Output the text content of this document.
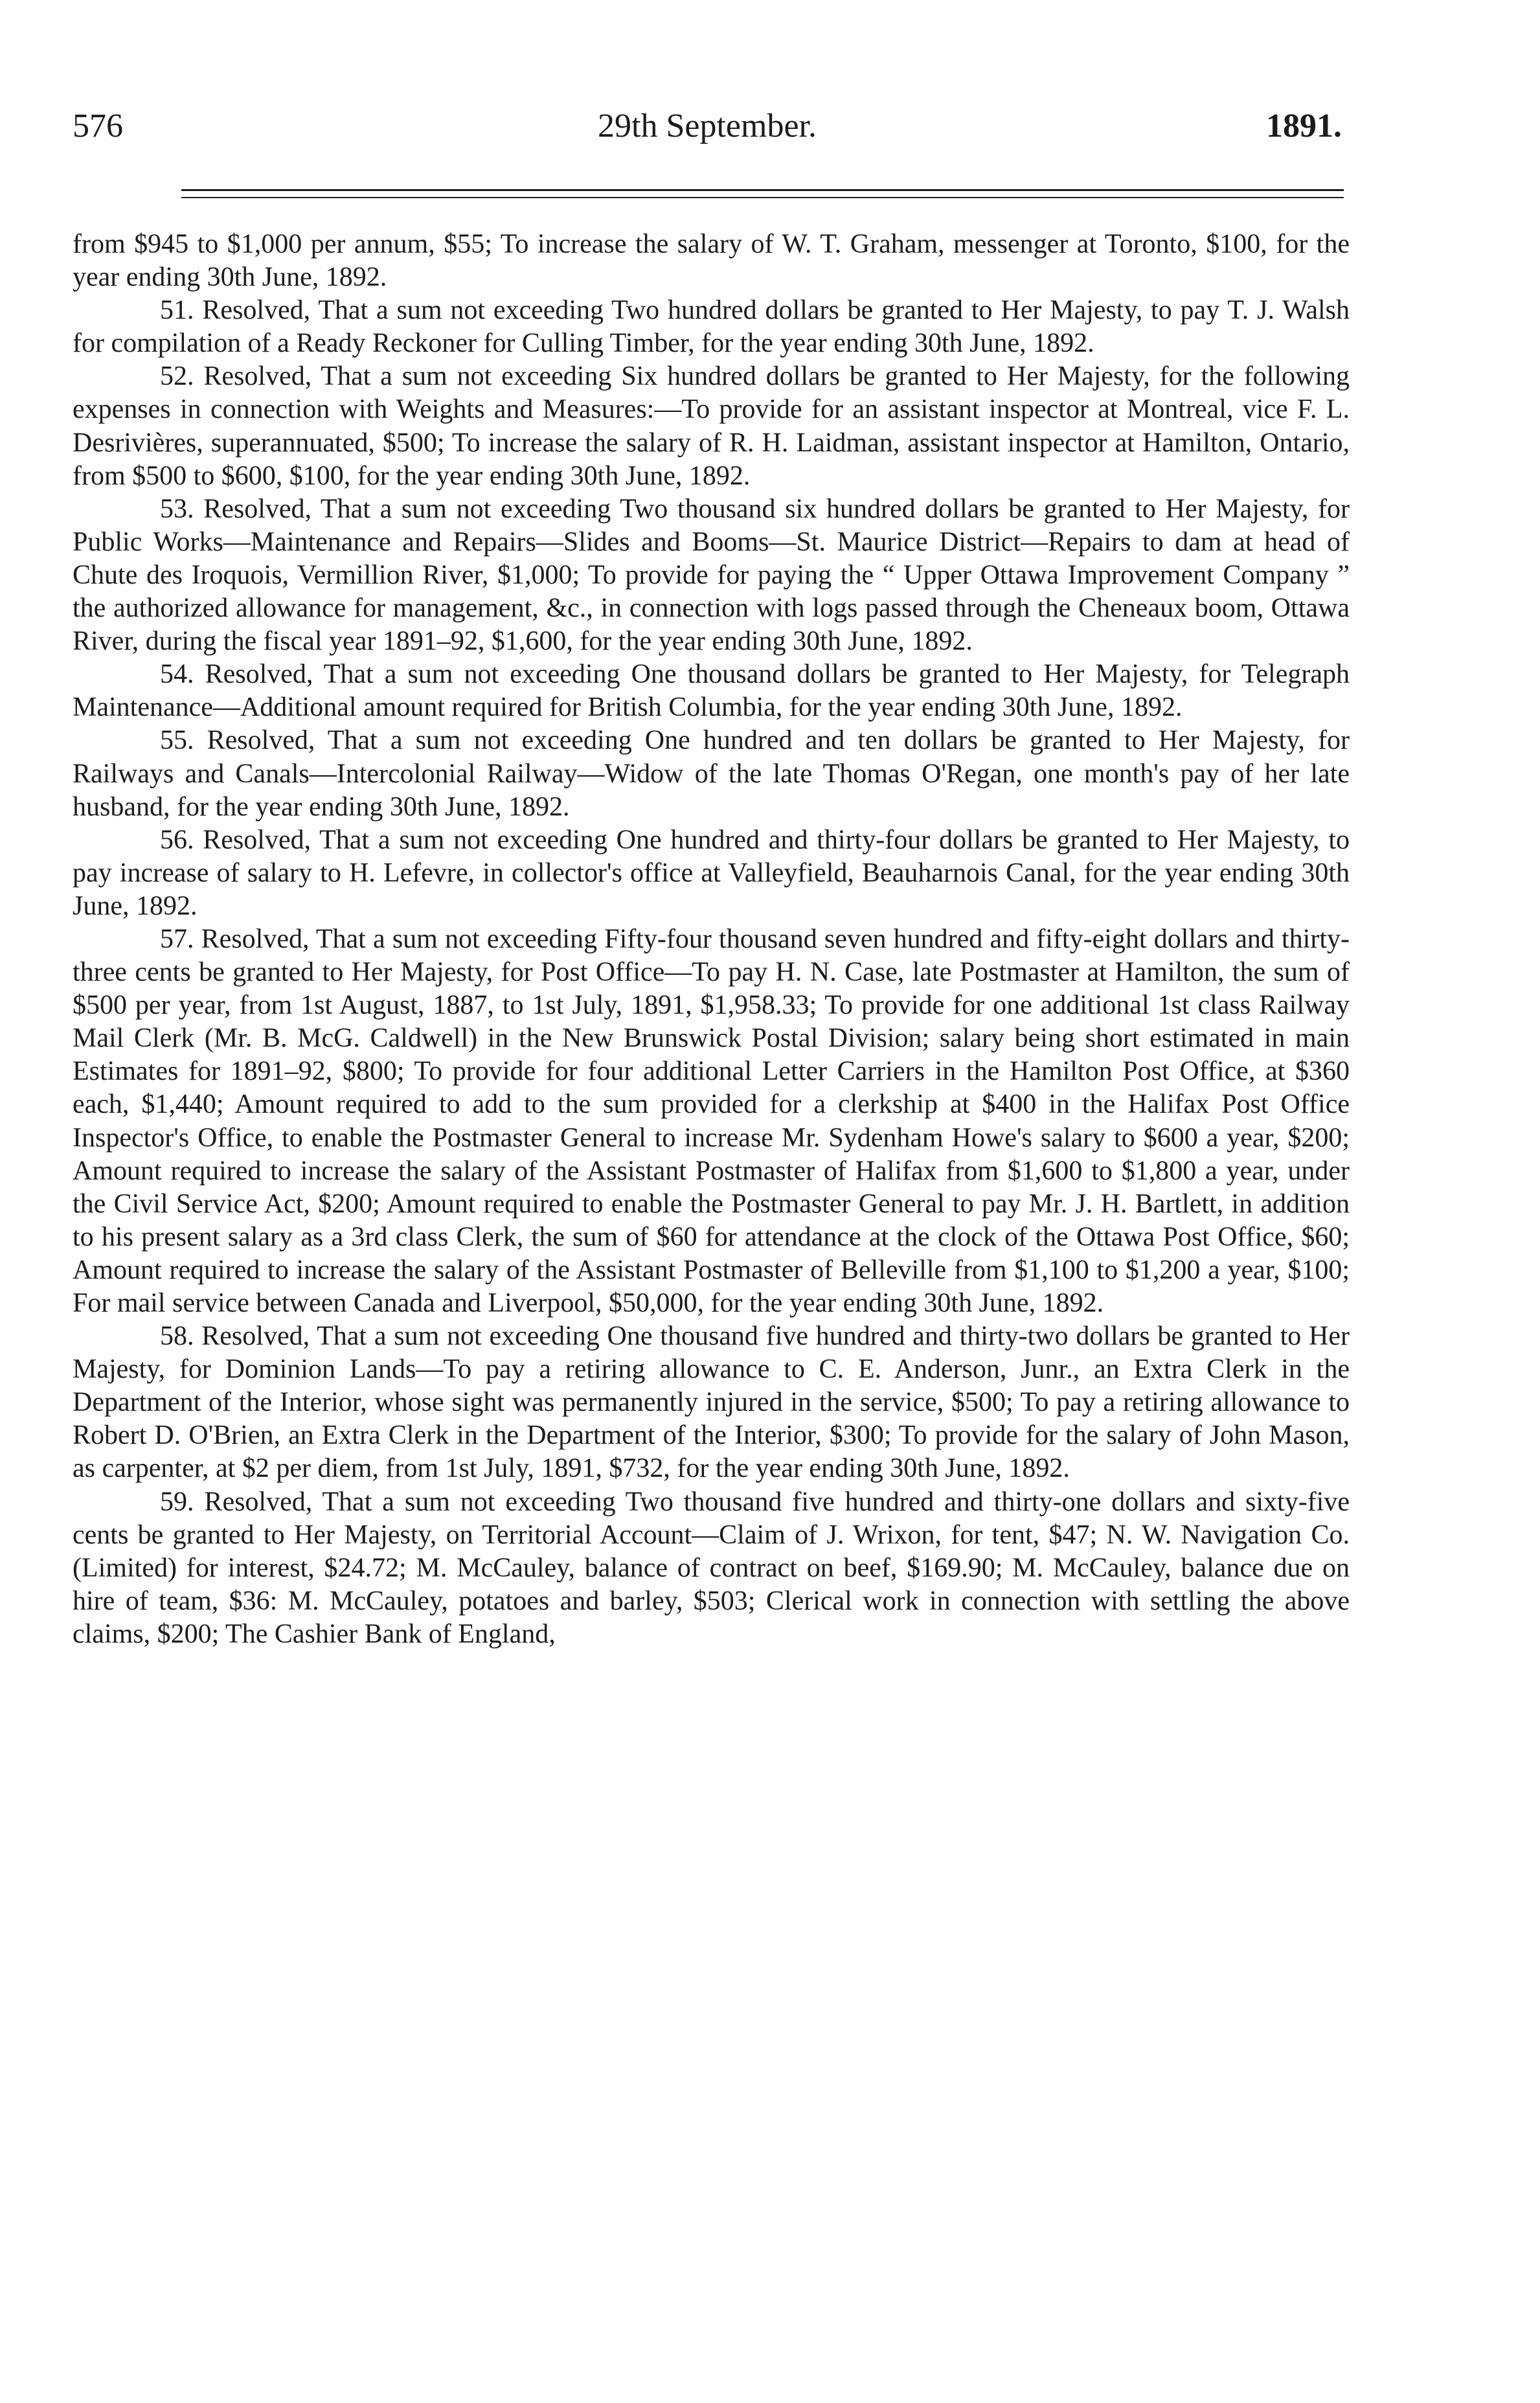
576	29th September.	1891.

from $945 to $1,000 per annum, $55; To increase the salary of W. T. Graham, messenger at Toronto, $100, for the year ending 30th June, 1892.

51. Resolved, That a sum not exceeding Two hundred dollars be granted to Her Majesty, to pay T. J. Walsh for compilation of a Ready Reckoner for Culling Timber, for the year ending 30th June, 1892.

52. Resolved, That a sum not exceeding Six hundred dollars be granted to Her Majesty, for the following expenses in connection with Weights and Measures:—To provide for an assistant inspector at Montreal, vice F. L. Desrivières, superannuated, $500; To increase the salary of R. H. Laidman, assistant inspector at Hamilton, Ontario, from $500 to $600, $100, for the year ending 30th June, 1892.

53. Resolved, That a sum not exceeding Two thousand six hundred dollars be granted to Her Majesty, for Public Works—Maintenance and Repairs—Slides and Booms—St. Maurice District—Repairs to dam at head of Chute des Iroquois, Vermillion River, $1,000; To provide for paying the “ Upper Ottawa Improvement Company ” the authorized allowance for management, &c., in connection with logs passed through the Cheneaux boom, Ottawa River, during the fiscal year 1891–92, $1,600, for the year ending 30th June, 1892.

54. Resolved, That a sum not exceeding One thousand dollars be granted to Her Majesty, for Telegraph Maintenance—Additional amount required for British Columbia, for the year ending 30th June, 1892.

55. Resolved, That a sum not exceeding One hundred and ten dollars be granted to Her Majesty, for Railways and Canals—Intercolonial Railway—Widow of the late Thomas O'Regan, one month's pay of her late husband, for the year ending 30th June, 1892.

56. Resolved, That a sum not exceeding One hundred and thirty-four dollars be granted to Her Majesty, to pay increase of salary to H. Lefevre, in collector's office at Valleyfield, Beauharnois Canal, for the year ending 30th June, 1892.

57. Resolved, That a sum not exceeding Fifty-four thousand seven hundred and fifty-eight dollars and thirty-three cents be granted to Her Majesty, for Post Office—To pay H. N. Case, late Postmaster at Hamilton, the sum of $500 per year, from 1st August, 1887, to 1st July, 1891, $1,958.33; To provide for one additional 1st class Railway Mail Clerk (Mr. B. McG. Caldwell) in the New Brunswick Postal Division; salary being short estimated in main Estimates for 1891–92, $800; To provide for four additional Letter Carriers in the Hamilton Post Office, at $360 each, $1,440; Amount required to add to the sum provided for a clerkship at $400 in the Halifax Post Office Inspector's Office, to enable the Postmaster General to increase Mr. Sydenham Howe's salary to $600 a year, $200; Amount required to increase the salary of the Assistant Postmaster of Halifax from $1,600 to $1,800 a year, under the Civil Service Act, $200; Amount required to enable the Postmaster General to pay Mr. J. H. Bartlett, in addition to his present salary as a 3rd class Clerk, the sum of $60 for attendance at the clock of the Ottawa Post Office, $60; Amount required to increase the salary of the Assistant Postmaster of Belleville from $1,100 to $1,200 a year, $100; For mail service between Canada and Liverpool, $50,000, for the year ending 30th June, 1892.

58. Resolved, That a sum not exceeding One thousand five hundred and thirty-two dollars be granted to Her Majesty, for Dominion Lands—To pay a retiring allowance to C. E. Anderson, Junr., an Extra Clerk in the Department of the Interior, whose sight was permanently injured in the service, $500; To pay a retiring allowance to Robert D. O'Brien, an Extra Clerk in the Department of the Interior, $300; To provide for the salary of John Mason, as carpenter, at $2 per diem, from 1st July, 1891, $732, for the year ending 30th June, 1892.

59. Resolved, That a sum not exceeding Two thousand five hundred and thirty-one dollars and sixty-five cents be granted to Her Majesty, on Territorial Account—Claim of J. Wrixon, for tent, $47; N. W. Navigation Co. (Limited) for interest, $24.72; M. McCauley, balance of contract on beef, $169.90; M. McCauley, balance due on hire of team, $36: M. McCauley, potatoes and barley, $503; Clerical work in connection with settling the above claims, $200; The Cashier Bank of England,
